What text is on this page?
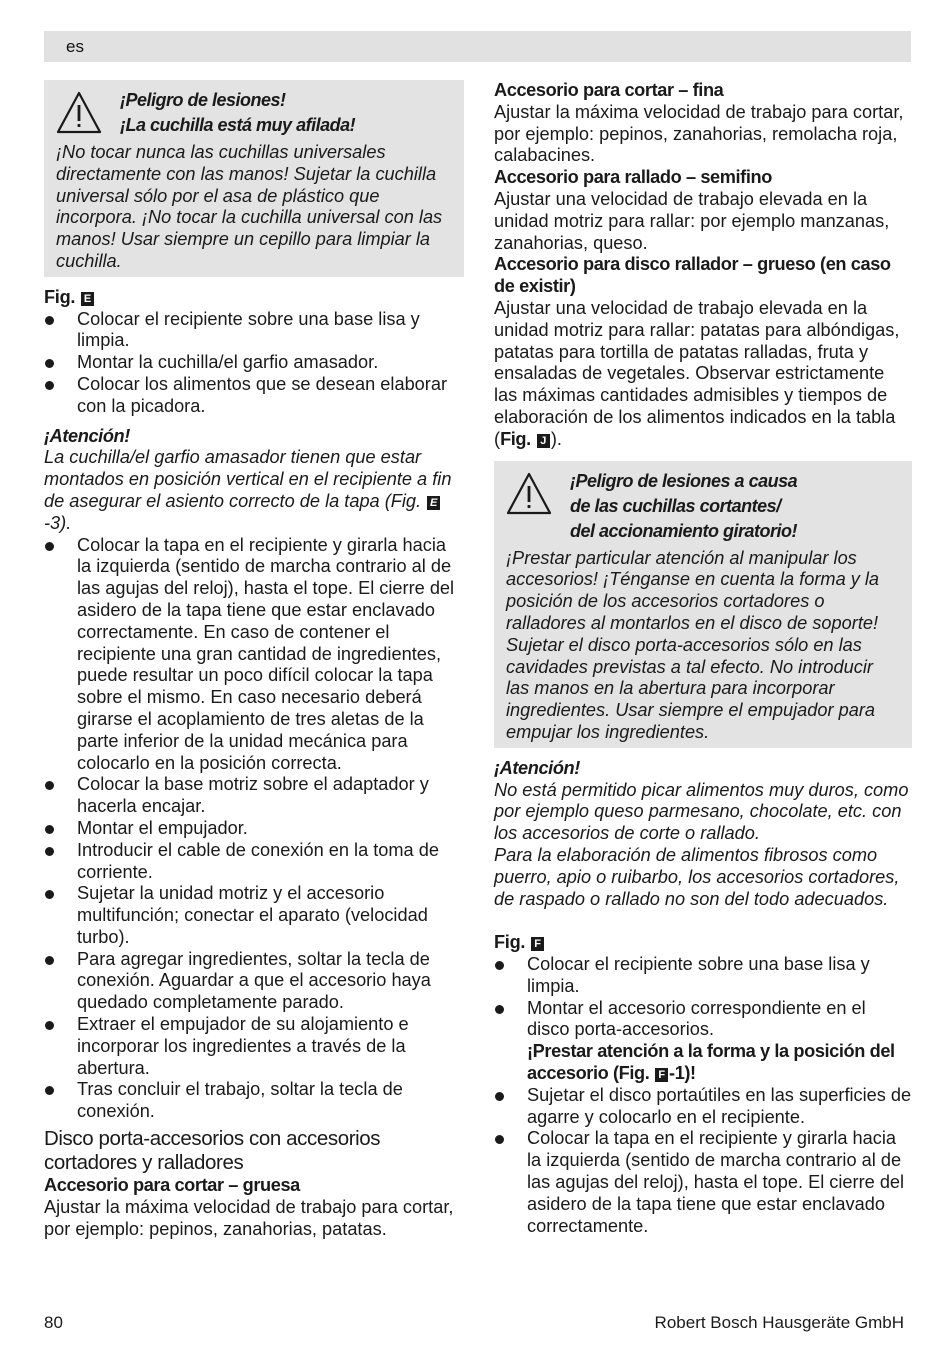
es
¡Peligro de lesiones!
¡La cuchilla está muy afilada!
¡No tocar nunca las cuchillas universales directamente con las manos! Sujetar la cuchilla universal sólo por el asa de plástico que incorpora. ¡No tocar la cuchilla universal con las manos! Usar siempre un cepillo para limpiar la cuchilla.
Fig. E
Colocar el recipiente sobre una base lisa y limpia.
Montar la cuchilla/el garfio amasador.
Colocar los alimentos que se desean elaborar con la picadora.
¡Atención!
La cuchilla/el garfio amasador tienen que estar montados en posición vertical en el recipiente a fin de asegurar el asiento correcto de la tapa (Fig. E-3).
Colocar la tapa en el recipiente y girarla hacia la izquierda (sentido de marcha contrario al de las agujas del reloj), hasta el tope. El cierre del asidero de la tapa tiene que estar enclavado correctamente. En caso de contener el recipiente una gran cantidad de ingredientes, puede resultar un poco difícil colocar la tapa sobre el mismo. En caso necesario deberá girarse el acoplamiento de tres aletas de la parte inferior de la unidad mecánica para colocarlo en la posición correcta.
Colocar la base motriz sobre el adaptador y hacerla encajar.
Montar el empujador.
Introducir el cable de conexión en la toma de corriente.
Sujetar la unidad motriz y el accesorio multifunción; conectar el aparato (velocidad turbo).
Para agregar ingredientes, soltar la tecla de conexión. Aguardar a que el accesorio haya quedado completamente parado.
Extraer el empujador de su alojamiento e incorporar los ingredientes a través de la abertura.
Tras concluir el trabajo, soltar la tecla de conexión.
Disco porta-accesorios con accesorios cortadores y ralladores
Accesorio para cortar – gruesa
Ajustar la máxima velocidad de trabajo para cortar, por ejemplo: pepinos, zanahorias, patatas.
Accesorio para cortar – fina
Ajustar la máxima velocidad de trabajo para cortar, por ejemplo: pepinos, zanahorias, remolacha roja, calabacines.
Accesorio para rallado – semifino
Ajustar una velocidad de trabajo elevada en la unidad motriz para rallar: por ejemplo manzanas, zanahorias, queso.
Accesorio para disco rallador – grueso (en caso de existir)
Ajustar una velocidad de trabajo elevada en la unidad motriz para rallar: patatas para albóndigas, patatas para tortilla de patatas ralladas, fruta y ensaladas de vegetales. Observar estrictamente las máximas cantidades admisibles y tiempos de elaboración de los alimentos indicados en la tabla (Fig. J ).
¡Peligro de lesiones a causa
de las cuchillas cortantes/
del accionamiento giratorio!
¡Prestar particular atención al manipular los accesorios! ¡Ténganse en cuenta la forma y la posición de los accesorios cortadores o ralladores al montarlos en el disco de soporte! Sujetar el disco porta-accesorios sólo en las cavidades previstas a tal efecto. No introducir las manos en la abertura para incorporar ingredientes. Usar siempre el empujador para empujar los ingredientes.
¡Atención!
No está permitido picar alimentos muy duros, como por ejemplo queso parmesano, chocolate, etc. con los accesorios de corte o rallado.
Para la elaboración de alimentos fibrosos como puerro, apio o ruibarbo, los accesorios cortadores, de raspado o rallado no son del todo adecuados.
Fig. F
Colocar el recipiente sobre una base lisa y limpia.
Montar el accesorio correspondiente en el disco porta-accesorios.
¡Prestar atención a la forma y la posición del accesorio (Fig. F -1)!
Sujetar el disco portaútiles en las superficies de agarre y colocarlo en el recipiente.
Colocar la tapa en el recipiente y girarla hacia la izquierda (sentido de marcha contrario al de las agujas del reloj), hasta el tope. El cierre del asidero de la tapa tiene que estar enclavado correctamente.
80	Robert Bosch Hausgeräte GmbH
